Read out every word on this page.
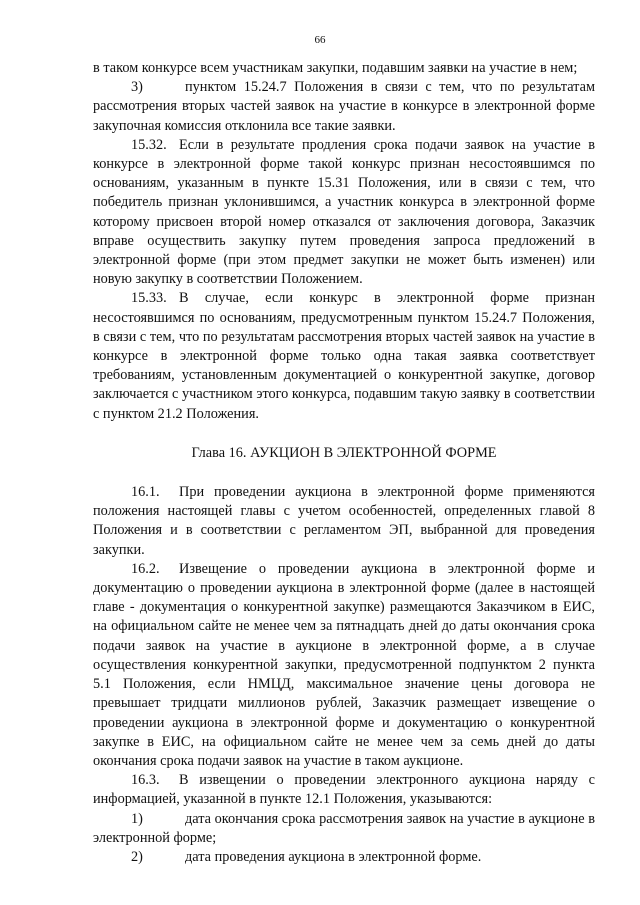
66

в таком конкурсе всем участникам закупки, подавшим заявки на участие в нем;

3)	пунктом 15.24.7 Положения в связи с тем, что по результатам рассмотрения вторых частей заявок на участие в конкурсе в электронной форме закупочная комиссия отклонила все такие заявки.

15.32. Если в результате продления срока подачи заявок на участие в конкурсе в электронной форме такой конкурс признан несостоявшимся по основаниям, указанным в пункте 15.31 Положения, или в связи с тем, что победитель признан уклонившимся, а участник конкурса в электронной форме которому присвоен второй номер отказался от заключения договора, Заказчик вправе осуществить закупку путем проведения запроса предложений в электронной форме (при этом предмет закупки не может быть изменен) или новую закупку в соответствии Положением.

15.33. В случае, если конкурс в электронной форме признан несостоявшимся по основаниям, предусмотренным пунктом 15.24.7 Положения, в связи с тем, что по результатам рассмотрения вторых частей заявок на участие в конкурсе в электронной форме только одна такая заявка соответствует требованиям, установленным документацией о конкурентной закупке, договор заключается с участником этого конкурса, подавшим такую заявку в соответствии с пунктом 21.2 Положения.

Глава 16. АУКЦИОН В ЭЛЕКТРОННОЙ ФОРМЕ

16.1. При проведении аукциона в электронной форме применяются положения настоящей главы с учетом особенностей, определенных главой 8 Положения и в соответствии с регламентом ЭП, выбранной для проведения закупки.

16.2. Извещение о проведении аукциона в электронной форме и документацию о проведении аукциона в электронной форме (далее в настоящей главе - документация о конкурентной закупке) размещаются Заказчиком в ЕИС, на официальном сайте не менее чем за пятнадцать дней до даты окончания срока подачи заявок на участие в аукционе в электронной форме, а в случае осуществления конкурентной закупки, предусмотренной подпунктом 2 пункта 5.1 Положения, если НМЦД, максимальное значение цены договора не превышает тридцати миллионов рублей, Заказчик размещает извещение о проведении аукциона в электронной форме и документацию о конкурентной закупке в ЕИС, на официальном сайте не менее чем за семь дней до даты окончания срока подачи заявок на участие в таком аукционе.

16.3. В извещении о проведении электронного аукциона наряду с информацией, указанной в пункте 12.1 Положения, указываются:

1)	дата окончания срока рассмотрения заявок на участие в аукционе в электронной форме;

2)	дата проведения аукциона в электронной форме.
